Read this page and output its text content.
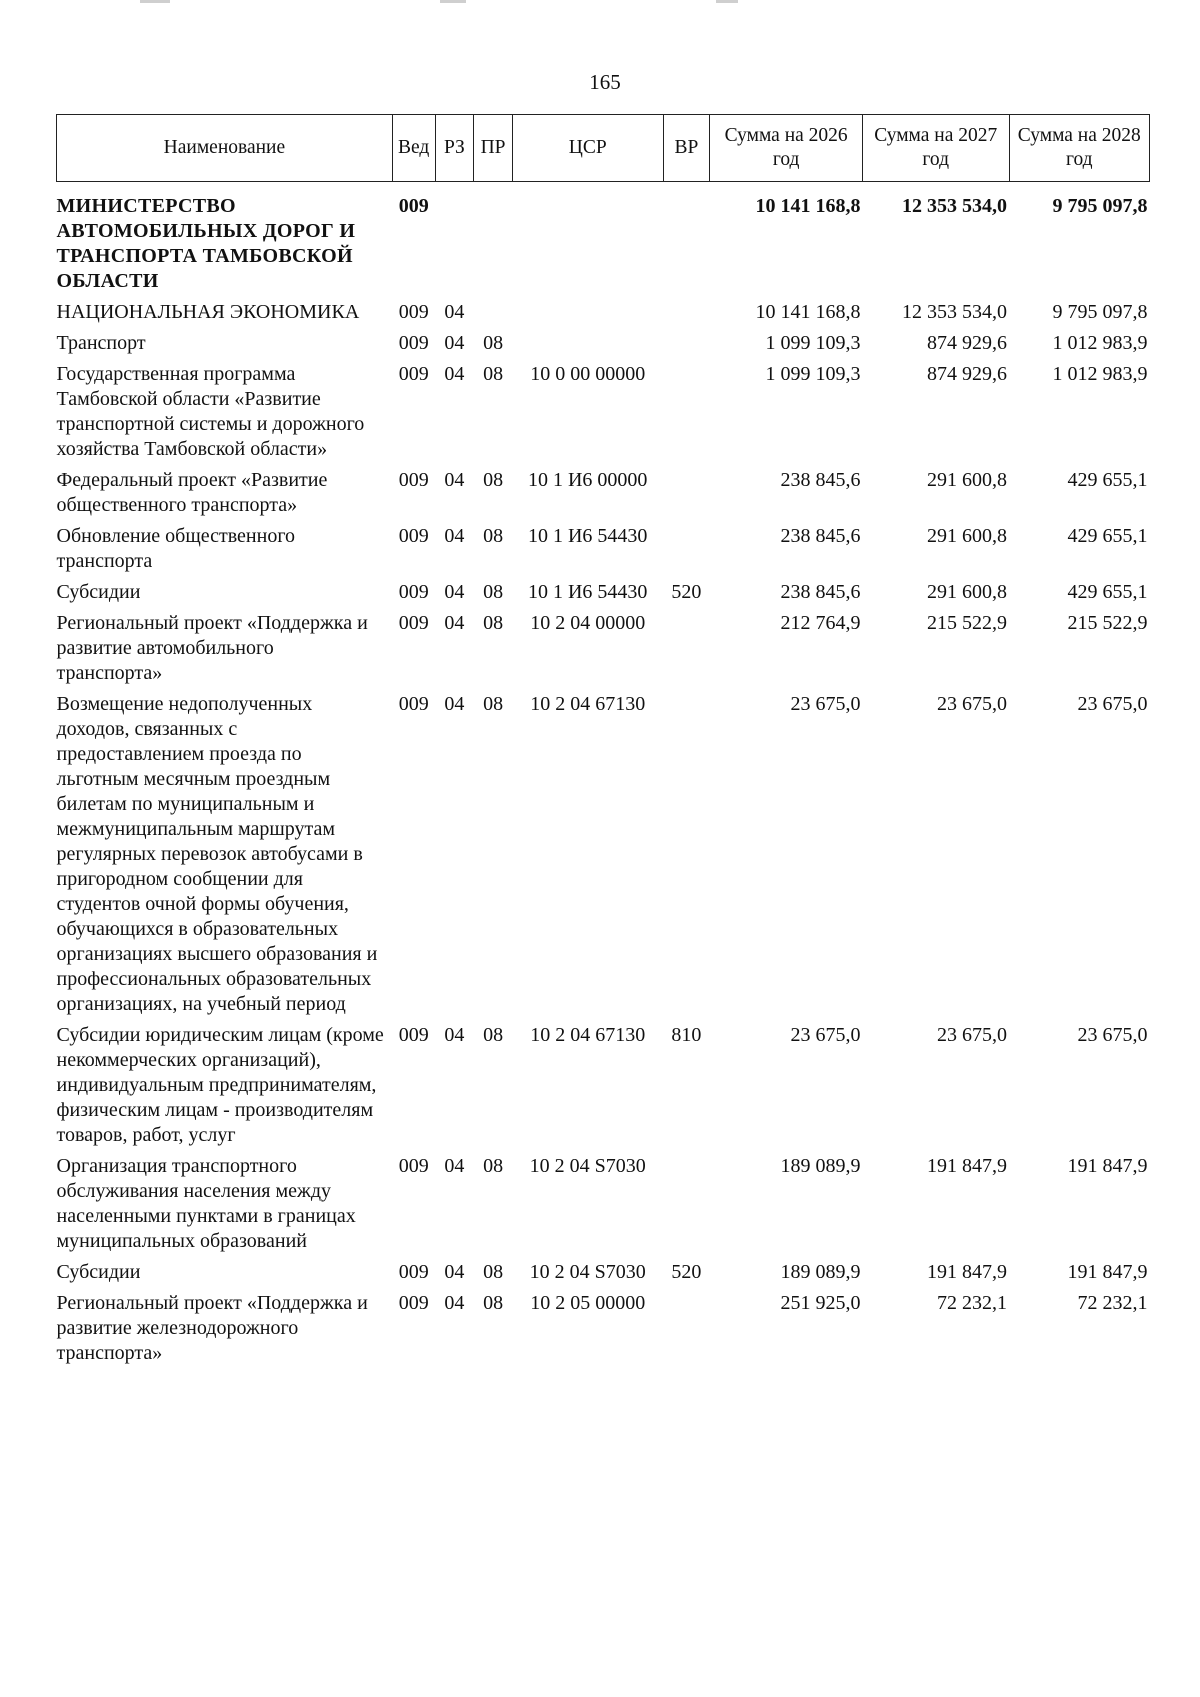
165
Наименование	Вед	РЗ	ПР	ЦСР	ВР	Сумма на 2026 год	Сумма на 2027 год	Сумма на 2028 год
МИНИСТЕРСТВО АВТОМОБИЛЬНЫХ ДОРОГ И ТРАНСПОРТА ТАМБОВСКОЙ ОБЛАСТИ	009					10 141 168,8	12 353 534,0	9 795 097,8
НАЦИОНАЛЬНАЯ ЭКОНОМИКА	009	04				10 141 168,8	12 353 534,0	9 795 097,8
Транспорт	009	04	08			1 099 109,3	874 929,6	1 012 983,9
Государственная программа Тамбовской области «Развитие транспортной системы и дорожного хозяйства Тамбовской области»	009	04	08	10 0 00 00000		1 099 109,3	874 929,6	1 012 983,9
Федеральный проект «Развитие общественного транспорта»	009	04	08	10 1 И6 00000		238 845,6	291 600,8	429 655,1
Обновление общественного транспорта	009	04	08	10 1 И6 54430		238 845,6	291 600,8	429 655,1
Субсидии	009	04	08	10 1 И6 54430	520	238 845,6	291 600,8	429 655,1
Региональный проект «Поддержка и развитие автомобильного транспорта»	009	04	08	10 2 04 00000		212 764,9	215 522,9	215 522,9
Возмещение недополученных доходов, связанных с предоставлением проезда по льготным месячным проездным билетам по муниципальным и межмуниципальным маршрутам регулярных перевозок автобусами в пригородном сообщении для студентов очной формы обучения, обучающихся в образовательных организациях высшего образования и профессиональных образовательных организациях, на учебный период	009	04	08	10 2 04 67130		23 675,0	23 675,0	23 675,0
Субсидии юридическим лицам (кроме некоммерческих организаций), индивидуальным предпринимателям, физическим лицам - производителям товаров, работ, услуг	009	04	08	10 2 04 67130	810	23 675,0	23 675,0	23 675,0
Организация транспортного обслуживания населения между населенными пунктами в границах муниципальных образований	009	04	08	10 2 04 S7030		189 089,9	191 847,9	191 847,9
Субсидии	009	04	08	10 2 04 S7030	520	189 089,9	191 847,9	191 847,9
Региональный проект «Поддержка и развитие железнодорожного транспорта»	009	04	08	10 2 05 00000		251 925,0	72 232,1	72 232,1
